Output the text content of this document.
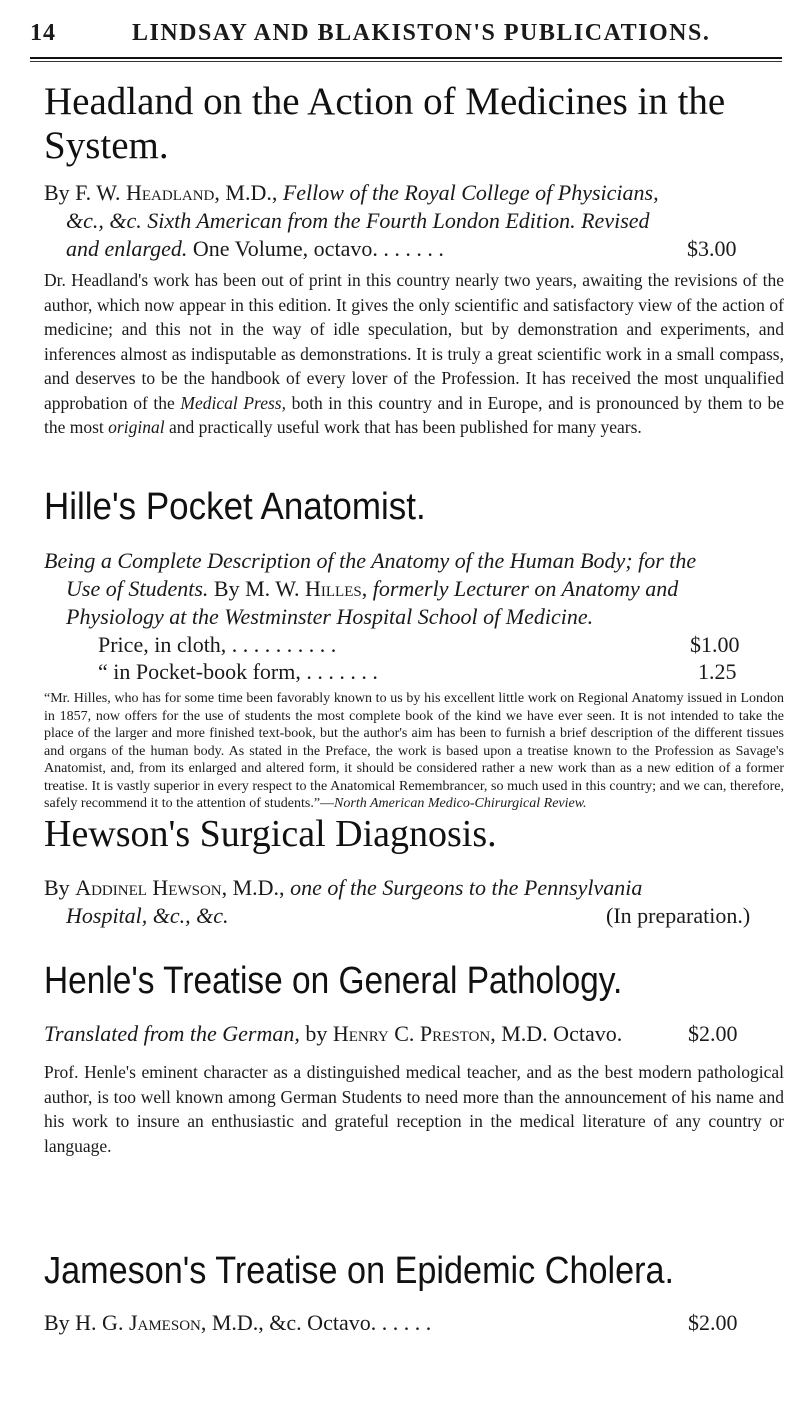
14	LINDSAY AND BLAKISTON'S PUBLICATIONS.
Headland on the Action of Medicines in the
System.
By F. W. Headland, M.D., Fellow of the Royal College of Physicians,
&c., &c. Sixth American from the Fourth London Edition. Revised
and enlarged. One Volume, octavo. . . . . . .	$3.00
Dr. Headland's work has been out of print in this country nearly two years, awaiting the revisions of the author, which now appear in this edition. It gives the only scientific and satisfactory view of the action of medicine; and this not in the way of idle speculation, but by demonstration and experiments, and inferences almost as indisputable as demonstrations. It is truly a great scientific work in a small compass, and deserves to be the handbook of every lover of the Profession. It has received the most unqualified approbation of the Medical Press, both in this country and in Europe, and is pronounced by them to be the most original and practically useful work that has been published for many years.
Hille's Pocket Anatomist.
Being a Complete Description of the Anatomy of the Human Body; for the
Use of Students. By M. W. Hilles, formerly Lecturer on Anatomy and
Physiology at the Westminster Hospital School of Medicine.
Price, in cloth, . . . . . . . . . .	$1.00
“ in Pocket-book form, . . . . . . .	1.25
“Mr. Hilles, who has for some time been favorably known to us by his excellent little work on Regional Anatomy issued in London in 1857, now offers for the use of students the most complete book of the kind we have ever seen. It is not intended to take the place of the larger and more finished text-book, but the author's aim has been to furnish a brief description of the different tissues and organs of the human body. As stated in the Preface, the work is based upon a treatise known to the Profession as Savage's Anatomist, and, from its enlarged and altered form, it should be considered rather a new work than as a new edition of a former treatise. It is vastly superior in every respect to the Anatomical Remembrancer, so much used in this country; and we can, therefore, safely recommend it to the attention of students.”—North American Medico-Chirurgical Review.
Hewson's Surgical Diagnosis.
By Addinel Hewson, M.D., one of the Surgeons to the Pennsylvania
Hospital, &c., &c.	(In preparation.)
Henle's Treatise on General Pathology.
Translated from the German, by Henry C. Preston, M.D. Octavo.	$2.00
Prof. Henle's eminent character as a distinguished medical teacher, and as the best modern pathological author, is too well known among German Students to need more than the announcement of his name and his work to insure an enthusiastic and grateful reception in the medical literature of any country or language.
Jameson's Treatise on Epidemic Cholera.
By H. G. Jameson, M.D., &c. Octavo. . . . . .	$2.00
